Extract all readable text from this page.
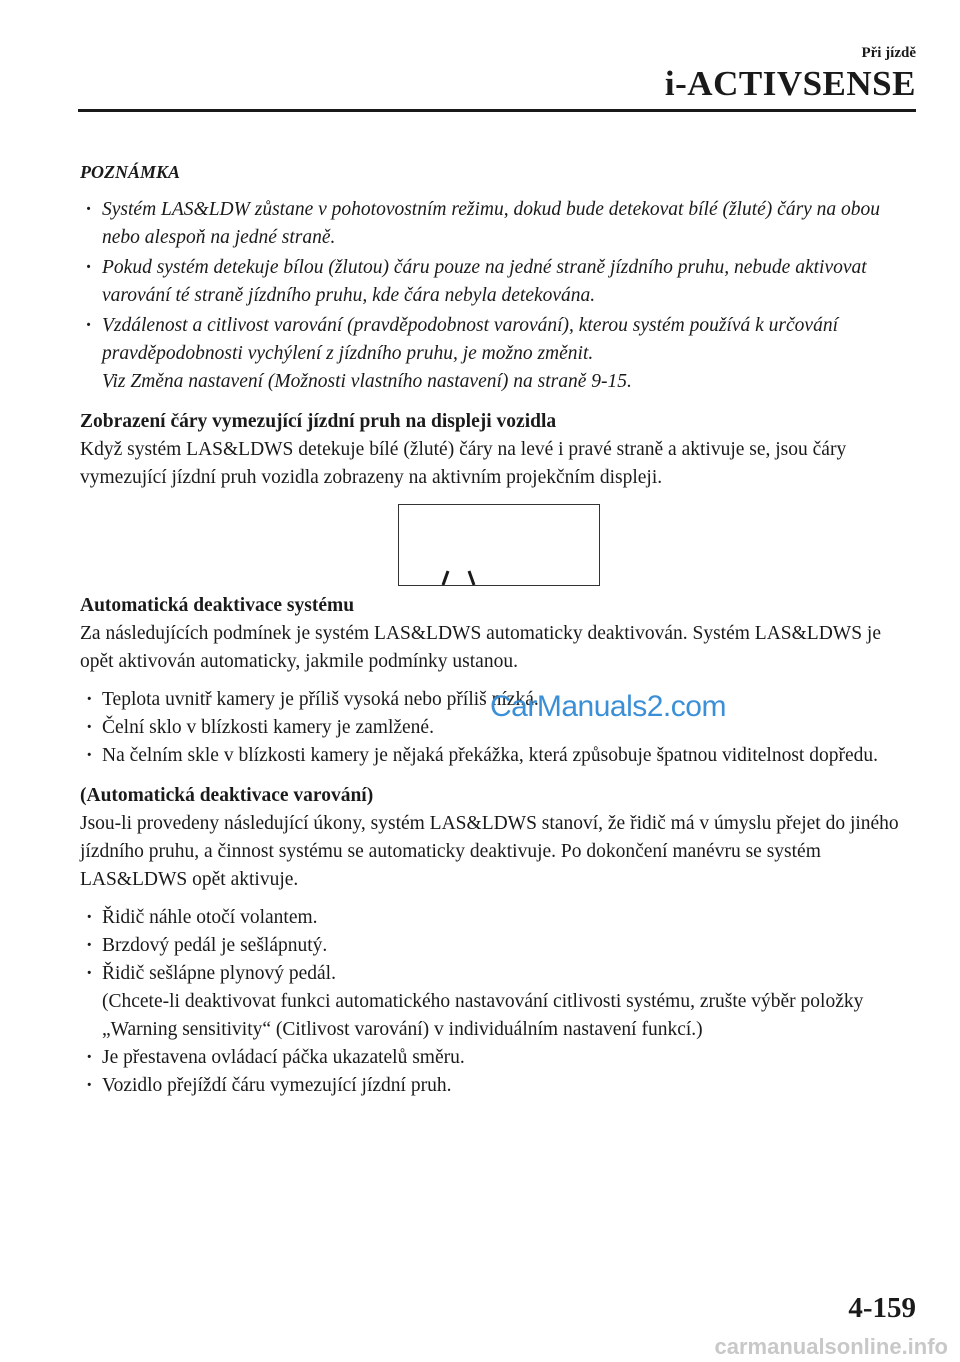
Při jízdě
i-ACTIVSENSE
POZNÁMKA
· Systém LAS&LDW zůstane v pohotovostním režimu, dokud bude detekovat bílé (žluté) čáry na obou nebo alespoň na jedné straně.
· Pokud systém detekuje bílou (žlutou) čáru pouze na jedné straně jízdního pruhu, nebude aktivovat varování té straně jízdního pruhu, kde čára nebyla detekována.
· Vzdálenost a citlivost varování (pravděpodobnost varování), kterou systém používá k určování pravděpodobnosti vychýlení z jízdního pruhu, je možno změnit.
Viz Změna nastavení (Možnosti vlastního nastavení) na straně 9-15.
Zobrazení čáry vymezující jízdní pruh na displeji vozidla

Když systém LAS&LDWS detekuje bílé (žluté) čáry na levé i pravé straně a aktivuje se, jsou čáry vymezující jízdní pruh vozidla zobrazeny na aktivním projekčním displeji.

Automatická deaktivace systému

Za následujících podmínek je systém LAS&LDWS automaticky deaktivován. Systém LAS&LDWS je opět aktivován automaticky, jakmile podmínky ustanou.

· Teplota uvnitř kamery je příliš vysoká nebo příliš nízká.
· Čelní sklo v blízkosti kamery je zamlžené.
· Na čelním skle v blízkosti kamery je nějaká překážka, která způsobuje špatnou viditelnost dopředu.
(Automatická deaktivace varování)

Jsou-li provedeny následující úkony, systém LAS&LDWS stanoví, že řidič má v úmyslu přejet do jiného jízdního pruhu, a činnost systému se automaticky deaktivuje. Po dokončení manévru se systém LAS&LDWS opět aktivuje.

· Řidič náhle otočí volantem.
· Brzdový pedál je sešlápnutý.
· Řidič sešlápne plynový pedál.
(Chcete-li deaktivovat funkci automatického nastavování citlivosti systému, zrušte výběr položky „Warning sensitivity“ (Citlivost varování) v individuálním nastavení funkcí.)
· Je přestavena ovládací páčka ukazatelů směru.
· Vozidlo přejíždí čáru vymezující jízdní pruh.
CarManuals2.com
4-159
carmanualsonline.info
